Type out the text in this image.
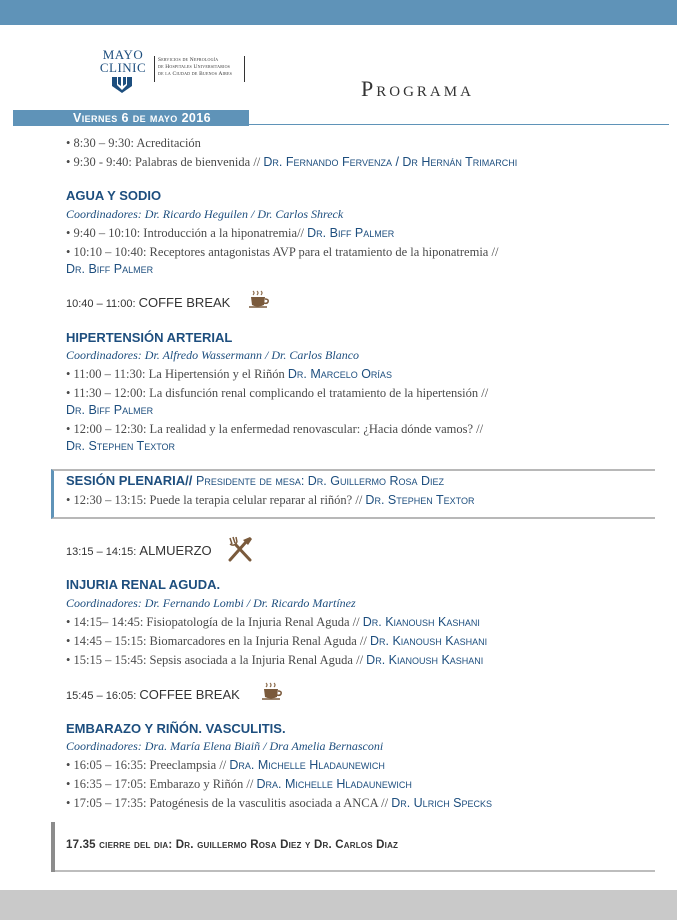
MAYO
CLINIC	Servicios de Nefrología
de Hospitales Universitarios
de la Ciudad de Buenos Aires
Programa
Viernes 6 de mayo 2016
• 8:30 – 9:30: Acreditación
• 9:30 - 9:40: Palabras de bienvenida // Dr. Fernando Fervenza / Dr Hernán Trimarchi
AGUA Y SODIO
Coordinadores: Dr. Ricardo Heguilen / Dr. Carlos Shreck
• 9:40 – 10:10: Introducción a la hiponatremia// Dr. Biff Palmer
• 10:10 – 10:40: Receptores antagonistas AVP para el tratamiento de la hiponatremia //
Dr. Biff Palmer
10:40 – 11:00: COFFE BREAK
HIPERTENSIÓN ARTERIAL
Coordinadores: Dr. Alfredo Wassermann / Dr. Carlos Blanco
• 11:00 – 11:30: La Hipertensión y el Riñón Dr. Marcelo Orías
• 11:30 – 12:00: La disfunción renal complicando el tratamiento de la hipertensión //
Dr. Biff Palmer
• 12:00 – 12:30: La realidad y la enfermedad renovascular: ¿Hacia dónde vamos? //
Dr. Stephen Textor
SESIÓN PLENARIA// Presidente de mesa: Dr. Guillermo Rosa Diez
• 12:30 – 13:15: Puede la terapia celular reparar al riñón? // Dr. Stephen Textor
13:15 – 14:15: ALMUERZO
INJURIA RENAL AGUDA.
Coordinadores: Dr. Fernando Lombi / Dr. Ricardo Martínez
• 14:15– 14:45: Fisiopatología de la Injuria Renal Aguda // Dr. Kianoush Kashani
• 14:45 – 15:15: Biomarcadores en la Injuria Renal Aguda // Dr. Kianoush Kashani
• 15:15 – 15:45: Sepsis asociada a la Injuria Renal Aguda // Dr. Kianoush Kashani
15:45 – 16:05: COFFEE BREAK
EMBARAZO Y RIÑÓN. VASCULITIS.
Coordinadores: Dra. María Elena Biaiñ / Dra Amelia Bernasconi
• 16:05 – 16:35: Preeclampsia // Dra. Michelle Hladaunewich
• 16:35 – 17:05: Embarazo y Riñón // Dra. Michelle Hladaunewich
• 17:05 – 17:35: Patogénesis de la vasculitis asociada a ANCA // Dr. Ulrich Specks
17.35 cierre del dia: Dr. guillermo Rosa Diez y Dr. Carlos Diaz
